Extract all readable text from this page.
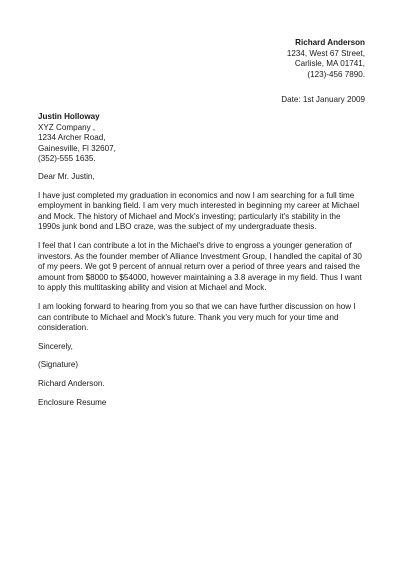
Richard Anderson
1234, West 67 Street,
Carlisle, MA 01741,
(123)-456 7890.
Date: 1st January 2009
Justin Holloway
XYZ Company ,
1234 Archer Road,
Gainesville, Fl 32607,
(352)-555 1635.

Dear Mr. Justin,

I have just completed my graduation in economics and now I am searching for a full time
employment in banking field. I am very much interested in beginning my career at Michael
and Mock. The history of Michael and Mock's investing; particularly it's stability in the
1990s junk bond and LBO craze, was the subject of my undergraduate thesis.

I feel that I can contribute a lot in the Michael's drive to engross a younger generation of
investors. As the founder member of Alliance Investment Group, I handled the capital of 30
of my peers. We got 9 percent of annual return over a period of three years and raised the
amount from $8000 to $54000, however maintaining a 3.8 average in my field. Thus I want
to apply this multitasking ability and vision at Michael and Mock.

I am looking forward to hearing from you so that we can have further discussion on how I
can contribute to Michael and Mock's future. Thank you very much for your time and
consideration.

Sincerely,

(Signature)

Richard Anderson.

Enclosure Resume
